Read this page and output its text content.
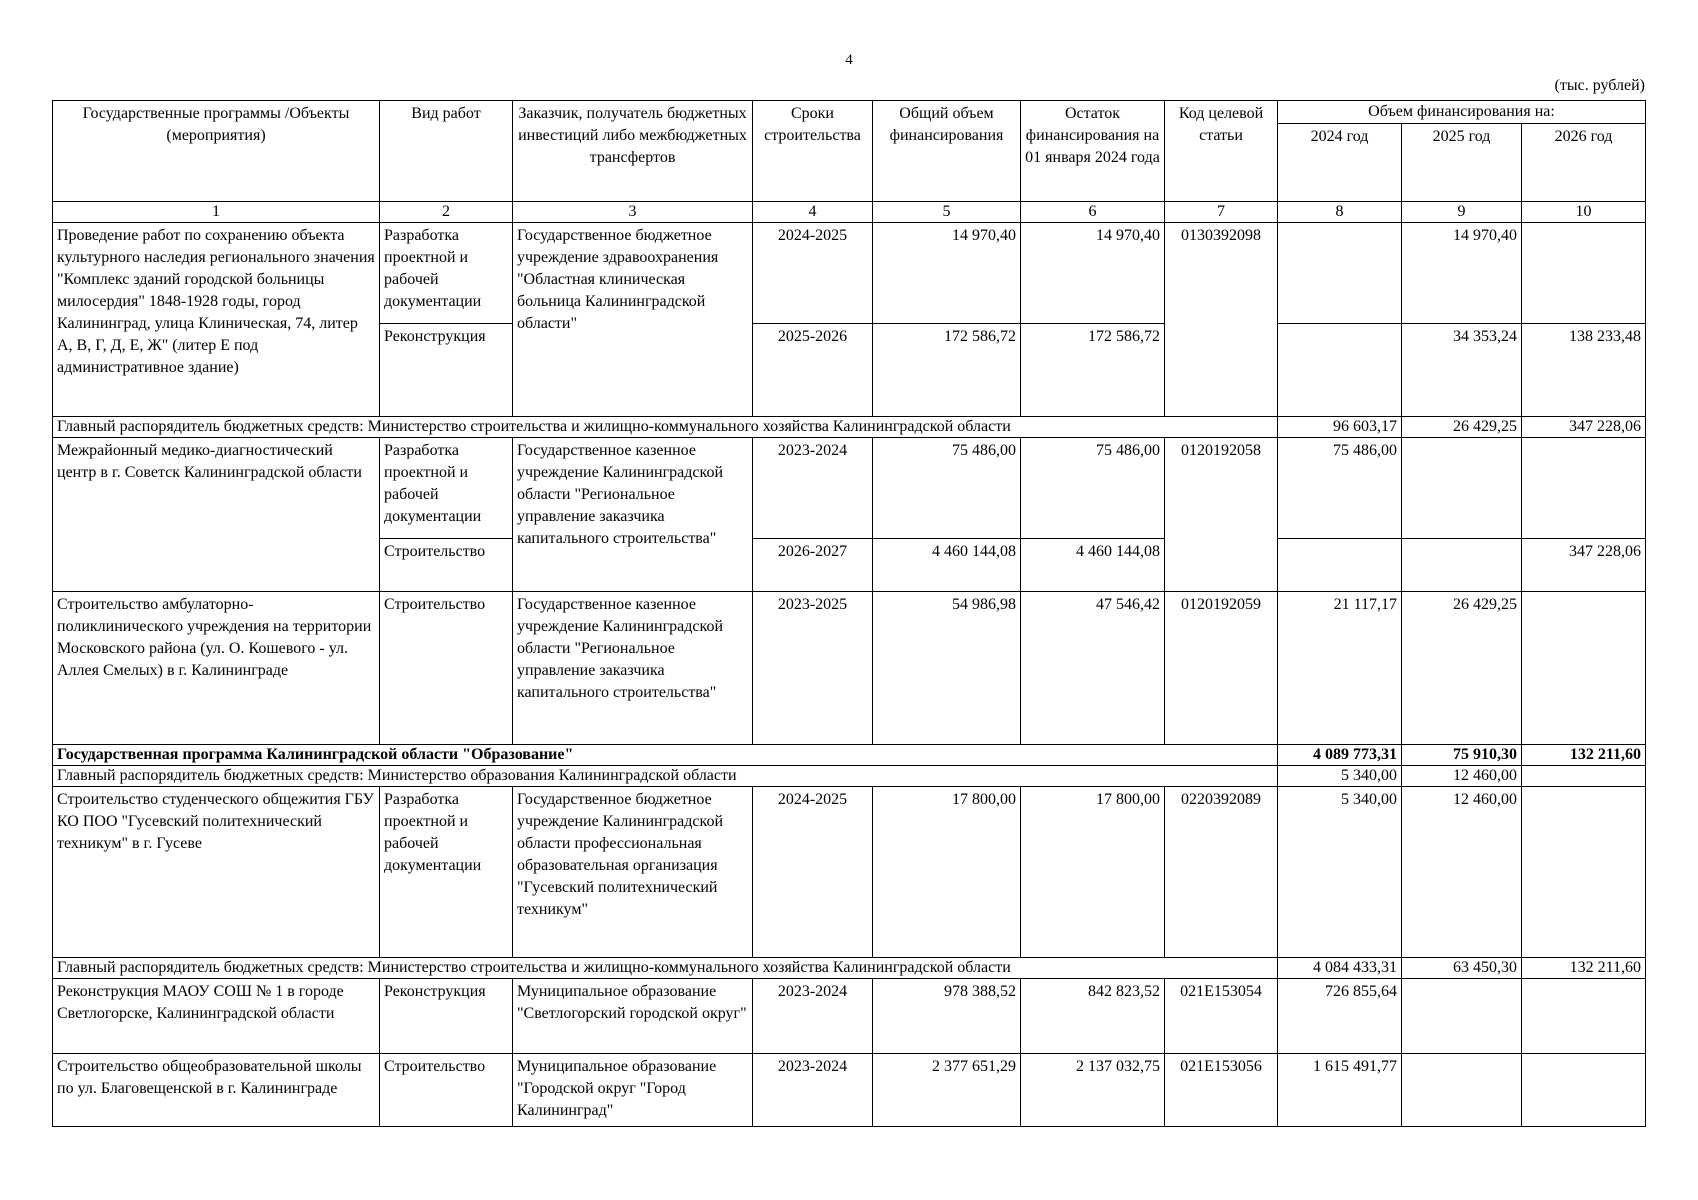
4
(тыс. рублей)
Государственные программы /Объекты (мероприятия)	Вид работ	Заказчик, получатель бюджетных инвестиций либо межбюджетных трансфертов	Сроки строительства	Общий объем финансирования	Остаток финансирования на 01 января 2024 года	Код целевой статьи	Объем финансирования на:		
							2024 год	2025 год	2026 год
1	2	3	4	5	6	7	8	9	10
Проведение работ по сохранению объекта культурного наследия регионального значения "Комплекс зданий городской больницы милосердия" 1848-1928 годы, город Калининград, улица Клиническая, 74, литер А, В, Г, Д, Е, Ж" (литер Е под административное здание)	Разработка проектной и рабочей документации	Государственное бюджетное учреждение здравоохранения "Областная клиническая больница Калининградской области"	2024-2025	14 970,40	14 970,40	0130392098		14 970,40	
	Реконструкция		2025-2026	172 586,72	172 586,72			34 353,24	138 233,48
Главный распорядитель бюджетных средств: Министерство строительства и жилищно-коммунального хозяйства Калининградской области							96 603,17	26 429,25	347 228,06
Межрайонный медико-диагностический центр в г. Советск Калининградской области	Разработка проектной и рабочей документации	Государственное казенное учреждение Калининградской области "Региональное управление заказчика капитального строительства"	2023-2024	75 486,00	75 486,00	0120192058	75 486,00		
	Строительство		2026-2027	4 460 144,08	4 460 144,08				347 228,06
Строительство амбулаторно-поликлинического учреждения на территории Московского района (ул. О. Кошевого - ул. Аллея Смелых) в г. Калининграде	Строительство	Государственное казенное учреждение Калининградской области "Региональное управление заказчика капитального строительства"	2023-2025	54 986,98	47 546,42	0120192059	21 117,17	26 429,25	
Государственная программа Калининградской области "Образование"							4 089 773,31	75 910,30	132 211,60
Главный распорядитель бюджетных средств: Министерство образования Калининградской области							5 340,00	12 460,00	
Строительство студенческого общежития ГБУ КО ПОО "Гусевский политехнический техникум" в г. Гусеве	Разработка проектной и рабочей документации	Государственное бюджетное учреждение Калининградской области профессиональная образовательная организация "Гусевский политехнический техникум"	2024-2025	17 800,00	17 800,00	0220392089	5 340,00	12 460,00	
Главный распорядитель бюджетных средств: Министерство строительства и жилищно-коммунального хозяйства Калининградской области							4 084 433,31	63 450,30	132 211,60
Реконструкция МАОУ СОШ № 1 в городе Светлогорске, Калининградской области	Реконструкция	Муниципальное образование "Светлогорский городской округ"	2023-2024	978 388,52	842 823,52	021E153054	726 855,64		
Строительство общеобразовательной школы по ул. Благовещенской в г. Калининграде	Строительство	Муниципальное образование "Городской округ "Город Калининград"	2023-2024	2 377 651,29	2 137 032,75	021E153056	1 615 491,77		
